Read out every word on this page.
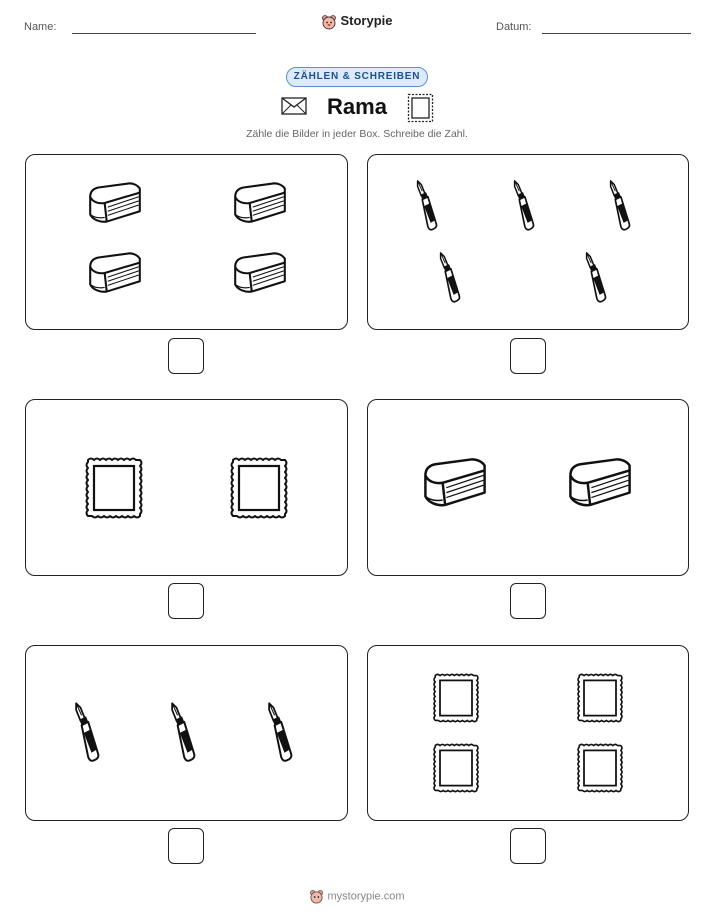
Name:	Storypie	Datum:
ZÄHLEN & SCHREIBEN
Rama
Zähle die Bilder in jeder Box. Schreibe die Zahl.
mystorypie.com
